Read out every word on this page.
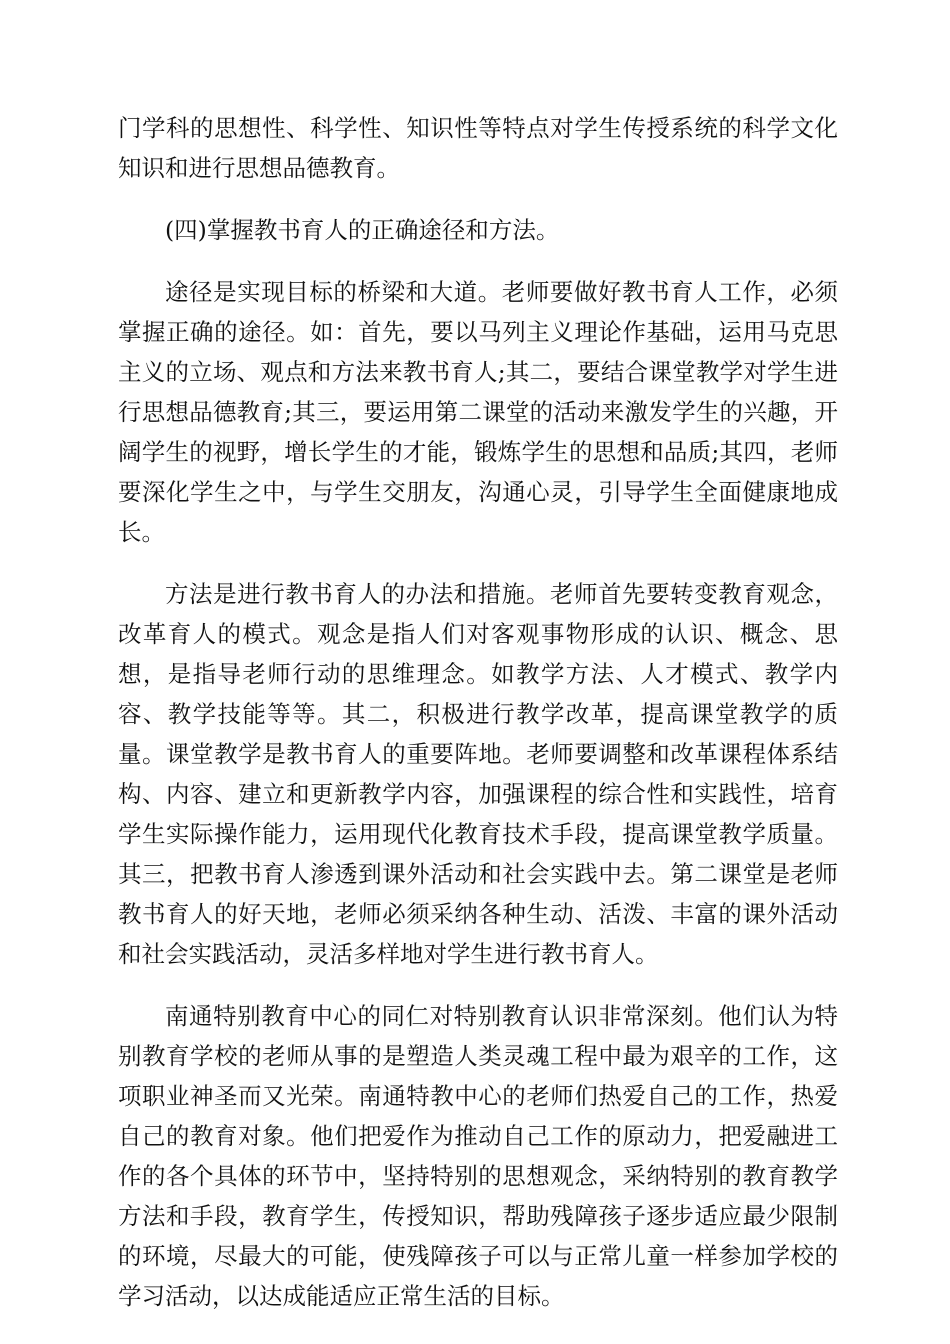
门学科的思想性、科学性、知识性等特点对学生传授系统的科学文化知识和进行思想品德教育。

(四)掌握教书育人的正确途径和方法。

途径是实现目标的桥梁和大道。老师要做好教书育人工作，必须掌握正确的途径。如：首先，要以马列主义理论作基础，运用马克思主义的立场、观点和方法来教书育人;其二，要结合课堂教学对学生进行思想品德教育;其三，要运用第二课堂的活动来激发学生的兴趣，开阔学生的视野，增长学生的才能，锻炼学生的思想和品质;其四，老师要深化学生之中，与学生交朋友，沟通心灵，引导学生全面健康地成长。

方法是进行教书育人的办法和措施。老师首先要转变教育观念，改革育人的模式。观念是指人们对客观事物形成的认识、概念、思想，是指导老师行动的思维理念。如教学方法、人才模式、教学内容、教学技能等等。其二，积极进行教学改革，提高课堂教学的质量。课堂教学是教书育人的重要阵地。老师要调整和改革课程体系结构、内容、建立和更新教学内容，加强课程的综合性和实践性，培育学生实际操作能力，运用现代化教育技术手段，提高课堂教学质量。其三，把教书育人渗透到课外活动和社会实践中去。第二课堂是老师教书育人的好天地，老师必须采纳各种生动、活泼、丰富的课外活动和社会实践活动，灵活多样地对学生进行教书育人。

南通特别教育中心的同仁对特别教育认识非常深刻。他们认为特别教育学校的老师从事的是塑造人类灵魂工程中最为艰辛的工作，这项职业神圣而又光荣。南通特教中心的老师们热爱自己的工作，热爱自己的教育对象。他们把爱作为推动自己工作的原动力，把爱融进工作的各个具体的环节中，坚持特别的思想观念，采纳特别的教育教学方法和手段，教育学生，传授知识，帮助残障孩子逐步适应最少限制的环境，尽最大的可能，使残障孩子可以与正常儿童一样参加学校的学习活动，以达成能适应正常生活的目标。
